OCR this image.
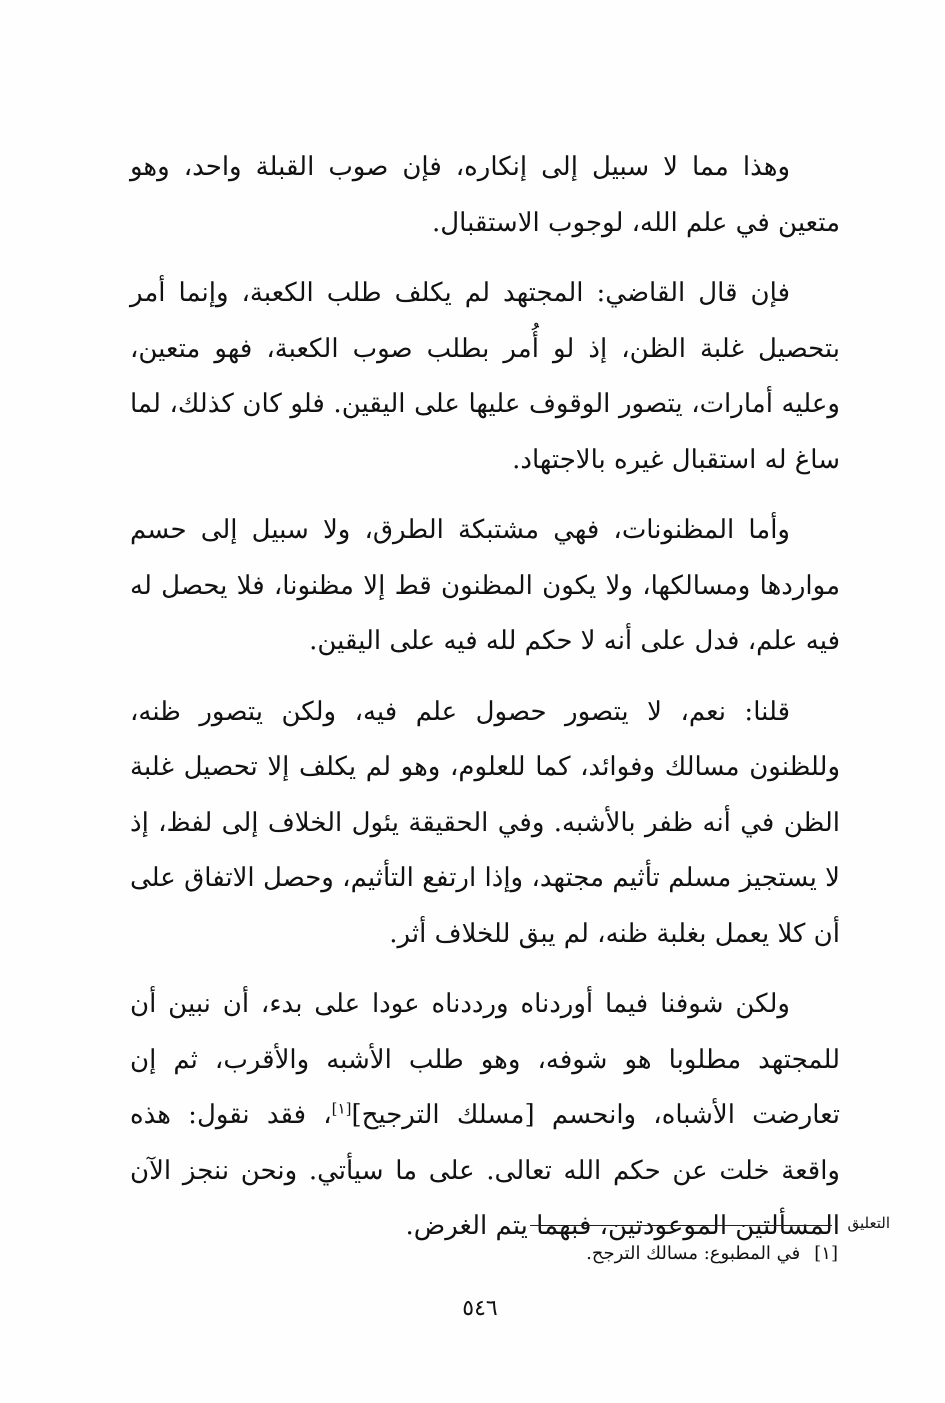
وهذا مما لا سبيل إلى إنكاره، فإن صوب القبلة واحد، وهو متعين في علم الله، لوجوب الاستقبال.

فإن قال القاضي: المجتهد لم يكلف طلب الكعبة، وإنما أمر بتحصيل غلبة الظن، إذ لو أُمر بطلب صوب الكعبة، فهو متعين، وعليه أمارات، يتصور الوقوف عليها على اليقين. فلو كان كذلك، لما ساغ له استقبال غيره بالاجتهاد.

وأما المظنونات، فهي مشتبكة الطرق، ولا سبيل إلى حسم مواردها ومسالكها، ولا يكون المظنون قط إلا مظنونا، فلا يحصل له فيه علم، فدل على أنه لا حكم لله فيه على اليقين.

قلنا: نعم، لا يتصور حصول علم فيه، ولكن يتصور ظنه، وللظنون مسالك وفوائد، كما للعلوم، وهو لم يكلف إلا تحصيل غلبة الظن في أنه ظفر بالأشبه. وفي الحقيقة يئول الخلاف إلى لفظ، إذ لا يستجيز مسلم تأثيم مجتهد، وإذا ارتفع التأثيم، وحصل الاتفاق على أن كلا يعمل بغلبة ظنه، لم يبق للخلاف أثر.

ولكن شوفنا فيما أوردناه ورددناه عودا على بدء، أن نبين أن للمجتهد مطلوبا هو شوفه، وهو طلب الأشبه والأقرب، ثم إن تعارضت الأشباه، وانحسم [مسلك الترجيح][١]، فقد نقول: هذه واقعة خلت عن حكم الله تعالى. على ما سيأتي. ونحن ننجز الآن المسألتين الموعودتين، فبهما يتم الغرض. التعليق
[١]في المطبوع: مسالك الترجح.
٥٤٦
